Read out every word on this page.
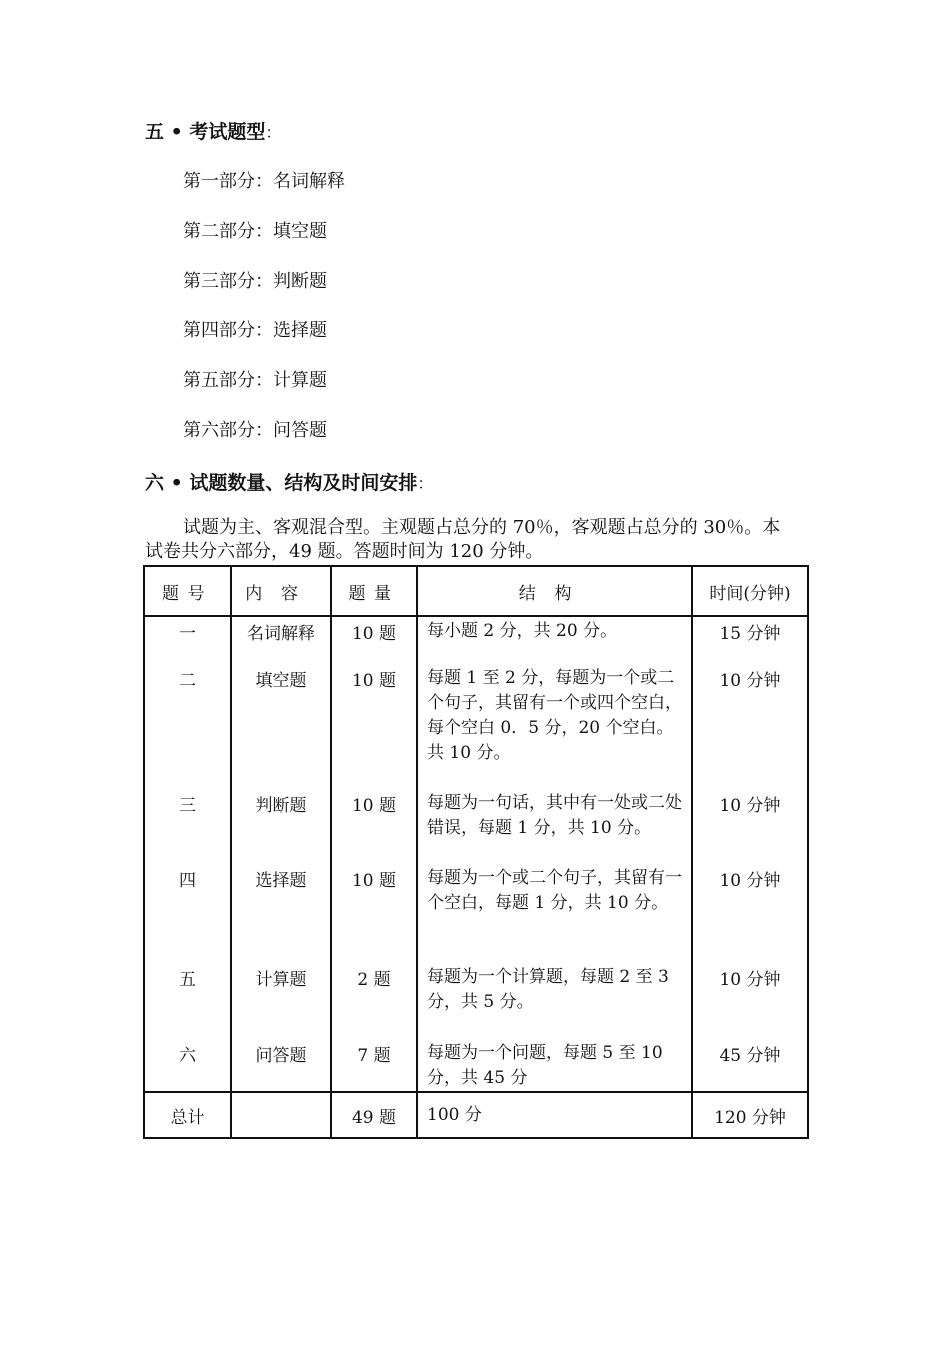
五 • 考试题型：
第一部分：名词解释
第二部分：填空题
第三部分：判断题
第四部分：选择题
第五部分：计算题
第六部分：问答题
六 • 试题数量、结构及时间安排：
试题为主、客观混合型。主观题占总分的 70％，客观题占总分的 30％。本
试卷共分六部分，49 题。答题时间为 120 分钟。
题号	内容	题量	结构	时间(分钟)
一	名词解释	10 题	每小题 2 分，共 20 分。	15 分钟
二	填空题	10 题	每题 1 至 2 分，每题为一个或二个句子，其留有一个或四个空白，每个空白 0．5 分，20 个空白。共 10 分。	10 分钟
三	判断题	10 题	每题为一句话，其中有一处或二处错误，每题 1 分，共 10 分。	10 分钟
四	选择题	10 题	每题为一个或二个句子，其留有一个空白，每题 1 分，共 10 分。	10 分钟
五	计算题	2 题	每题为一个计算题，每题 2 至 3 分，共 5 分。	10 分钟
六	问答题	7 题	每题为一个问题，每题 5 至 10 分，共 45 分	45 分钟
总计		49 题	100 分	120 分钟
